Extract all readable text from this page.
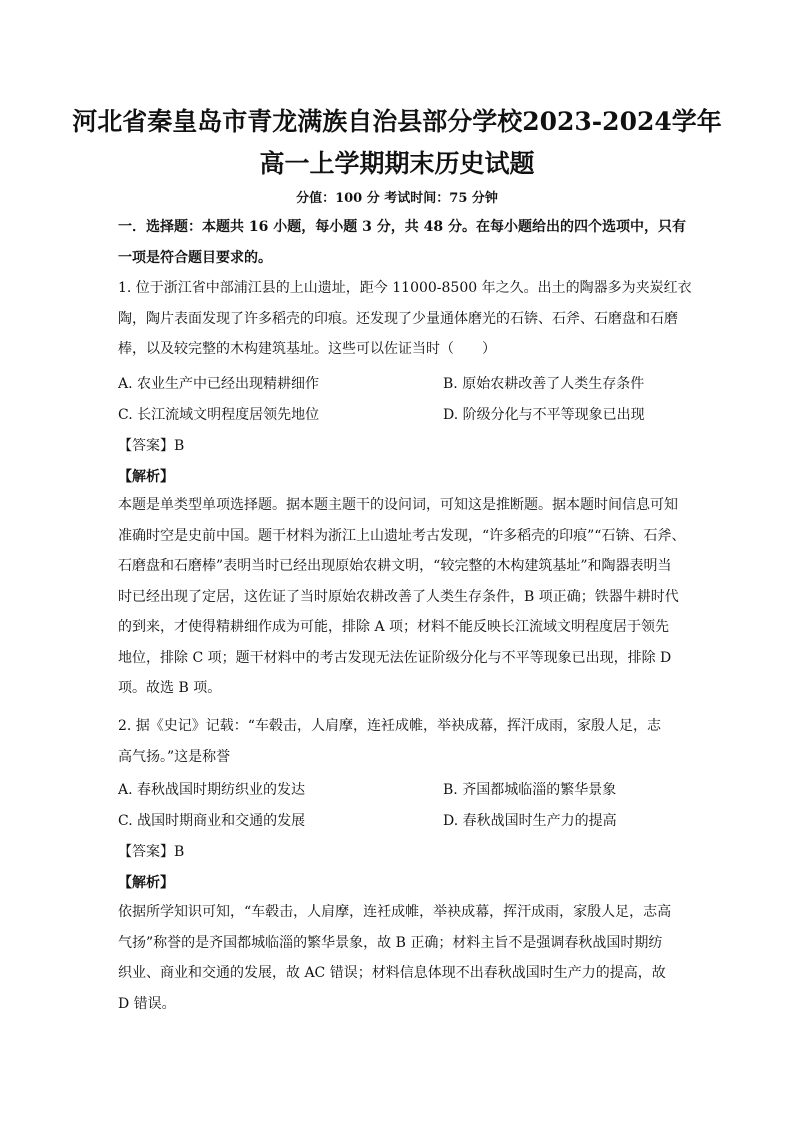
河北省秦皇岛市青龙满族自治县部分学校2023-2024学年
高一上学期期末历史试题
分值：100 分 考试时间：75 分钟
一．选择题：本题共 16 小题，每小题 3 分，共 48 分。在每小题给出的四个选项中，只有
一项是符合题目要求的。
1. 位于浙江省中部浦江县的上山遗址，距今 11000-8500 年之久。出土的陶器多为夹炭红衣
陶，陶片表面发现了许多稻壳的印痕。还发现了少量通体磨光的石锛、石斧、石磨盘和石磨
棒，以及较完整的木构建筑基址。这些可以佐证当时（　　）
A. 农业生产中已经出现精耕细作	B. 原始农耕改善了人类生存条件
C. 长江流域文明程度居领先地位	D. 阶级分化与不平等现象已出现
【答案】B
【解析】
本题是单类型单项选择题。据本题主题干的设问词，可知这是推断题。据本题时间信息可知
准确时空是史前中国。题干材料为浙江上山遗址考古发现，“许多稻壳的印痕”“石锛、石斧、
石磨盘和石磨棒”表明当时已经出现原始农耕文明，“较完整的木构建筑基址”和陶器表明当
时已经出现了定居，这佐证了当时原始农耕改善了人类生存条件，B 项正确；铁器牛耕时代
的到来，才使得精耕细作成为可能，排除 A 项；材料不能反映长江流域文明程度居于领先
地位，排除 C 项；题干材料中的考古发现无法佐证阶级分化与不平等现象已出现，排除 D
项。故选 B 项。
2. 据《史记》记载：“车毂击，人肩摩，连衽成帷，举袂成幕，挥汗成雨，家殷人足，志
高气扬。”这是称誉
A. 春秋战国时期纺织业的发达	B. 齐国都城临淄的繁华景象
C. 战国时期商业和交通的发展	D. 春秋战国时生产力的提高
【答案】B
【解析】
依据所学知识可知，“车毂击，人肩摩，连衽成帷，举袂成幕，挥汗成雨，家殷人足，志高
气扬”称誉的是齐国都城临淄的繁华景象，故 B 正确；材料主旨不是强调春秋战国时期纺
织业、商业和交通的发展，故 AC 错误；材料信息体现不出春秋战国时生产力的提高，故
D 错误。
